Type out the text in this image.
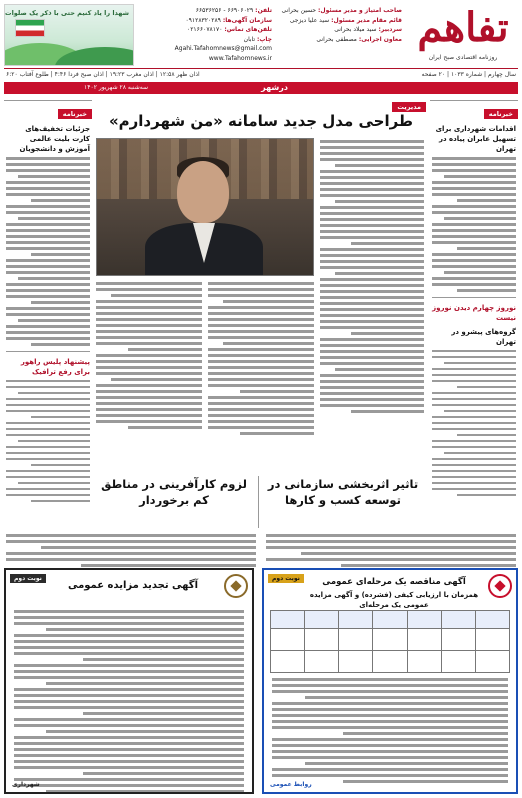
تفاهم
روزنامه اقتصادی صبح ایران
صاحب امتیاز و مدیر مسئول: حسین بحرانی
قائم مقام مدیر مسئول: سید علیا دیزجی
سردبیر: سید میلاد بحرانی
معاون اجرایی: مصطفی بحرانی
تلفن: ۶۶۹۰۶۰۲۹ - ۶۶۵۳۶۲۵۶
سازمان آگهی‌ها: ۰۹۱۲۸۳۲۰۲۸۹
تلفن‌های تماس: ۰۲۱۶۶۰۷۸۱۷۰
چاپ: تابان
Agahi.Tafahomnews@gmail.com
www.Tafahomnews.ir
شهدا را یاد کنیم حتی با ذکر یک صلوات
سال چهارم | شماره ۱۰۳۳ | ۲۰ صفحه
اذان ظهر ۱۲:۵۸ | اذان مغرب ۱۹:۲۳ | اذان صبح فردا ۴:۴۶ | طلوع آفتاب ۶:۲۰
درشهر
سه‌شنبه ۲۸ شهریور ۱۴۰۲
خبرنامه
اقدامات شهرداری برای تسهیل عابران پیاده در تهران
نوروز چهارم دیدن نوروز نیست
گروه‌های پیشرو در تهران
خبرنامه
جزئیات تخفیف‌های کارت بلیت عالمی آموزش و دانشجویان
پیشنهاد پلیس راهور برای رفع ترافیک
مدیریت
طراحی مدل جدید سامانه «من شهردارم»
تاثیر اثربخشی سازمانی در توسعه کسب و کارها
لزوم کارآفرینی در مناطق کم برخوردار
نوبت دوم	آگهی مناقصه یک مرحله‌ای عمومی
همزمان با ارزیابی کیفی (فشرده) و آگهی مزایده عمومی یک مرحله‌ای

روابط عمومی
نوبت دوم
آگهی تجدید مزایده عمومی
شهرداری
